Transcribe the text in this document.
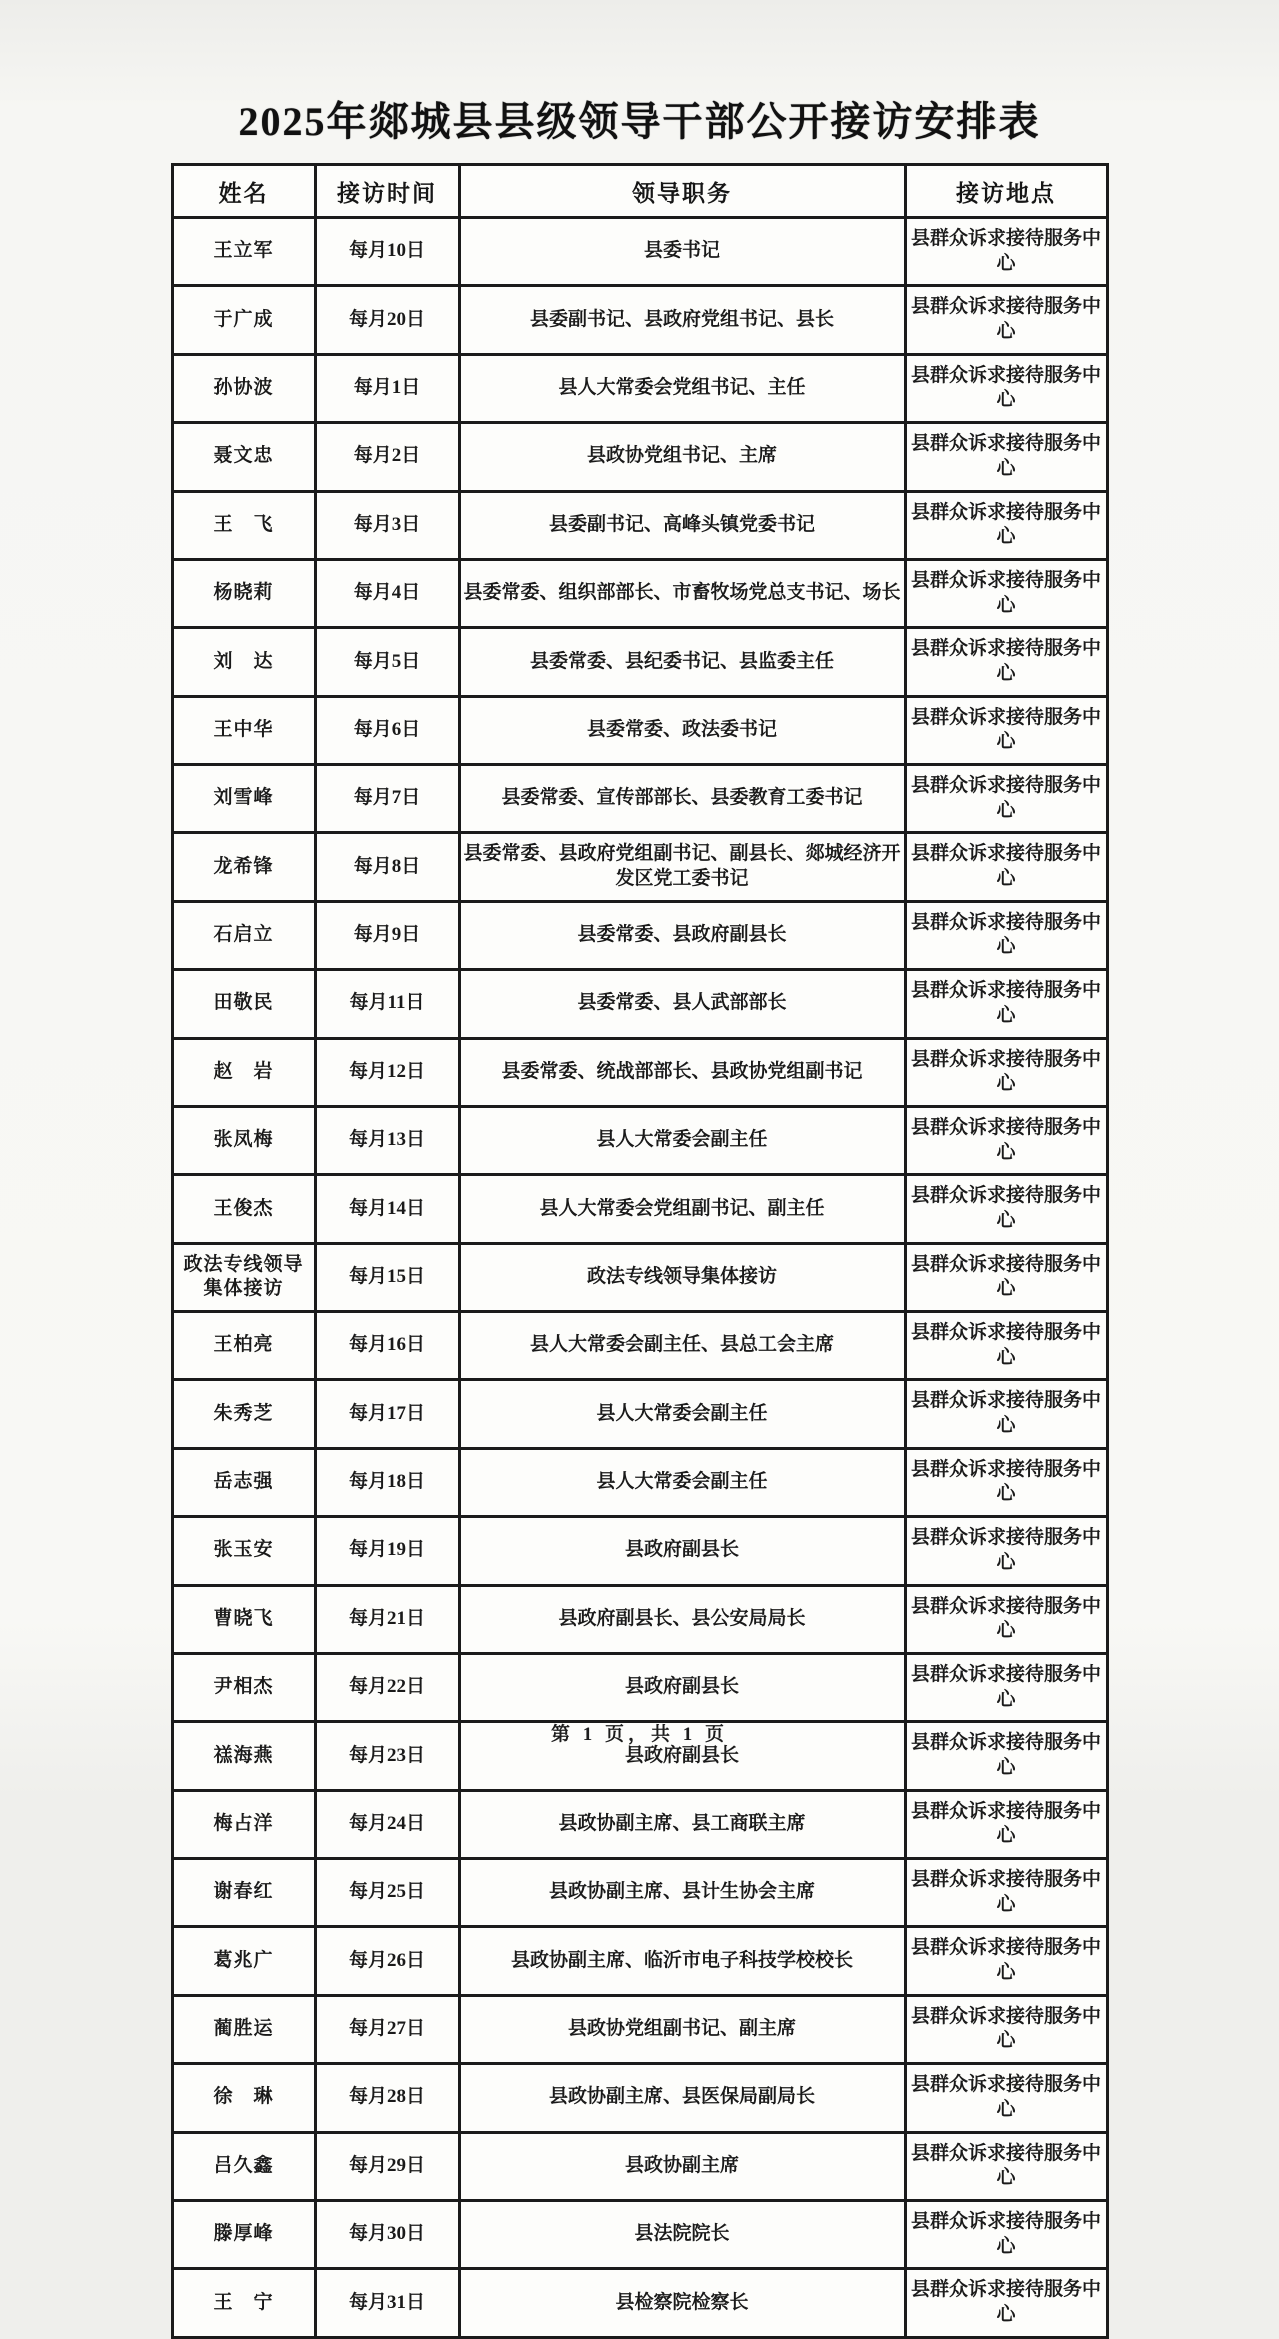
2025年郯城县县级领导干部公开接访安排表
姓名	接访时间	领导职务	接访地点
王立军	每月10日	县委书记	县群众诉求接待服务中心
于广成	每月20日	县委副书记、县政府党组书记、县长	县群众诉求接待服务中心
孙协波	每月1日	县人大常委会党组书记、主任	县群众诉求接待服务中心
聂文忠	每月2日	县政协党组书记、主席	县群众诉求接待服务中心
王　飞	每月3日	县委副书记、高峰头镇党委书记	县群众诉求接待服务中心
杨晓莉	每月4日	县委常委、组织部部长、市畜牧场党总支书记、场长	县群众诉求接待服务中心
刘　达	每月5日	县委常委、县纪委书记、县监委主任	县群众诉求接待服务中心
王中华	每月6日	县委常委、政法委书记	县群众诉求接待服务中心
刘雪峰	每月7日	县委常委、宣传部部长、县委教育工委书记	县群众诉求接待服务中心
龙希锋	每月8日	县委常委、县政府党组副书记、副县长、郯城经济开发区党工委书记	县群众诉求接待服务中心
石启立	每月9日	县委常委、县政府副县长	县群众诉求接待服务中心
田敬民	每月11日	县委常委、县人武部部长	县群众诉求接待服务中心
赵　岩	每月12日	县委常委、统战部部长、县政协党组副书记	县群众诉求接待服务中心
张凤梅	每月13日	县人大常委会副主任	县群众诉求接待服务中心
王俊杰	每月14日	县人大常委会党组副书记、副主任	县群众诉求接待服务中心
政法专线领导集体接访	每月15日	政法专线领导集体接访	县群众诉求接待服务中心
王柏亮	每月16日	县人大常委会副主任、县总工会主席	县群众诉求接待服务中心
朱秀芝	每月17日	县人大常委会副主任	县群众诉求接待服务中心
岳志强	每月18日	县人大常委会副主任	县群众诉求接待服务中心
张玉安	每月19日	县政府副县长	县群众诉求接待服务中心
曹晓飞	每月21日	县政府副县长、县公安局局长	县群众诉求接待服务中心
尹相杰	每月22日	县政府副县长	县群众诉求接待服务中心
禚海燕	每月23日	县政府副县长	县群众诉求接待服务中心
梅占洋	每月24日	县政协副主席、县工商联主席	县群众诉求接待服务中心
谢春红	每月25日	县政协副主席、县计生协会主席	县群众诉求接待服务中心
葛兆广	每月26日	县政协副主席、临沂市电子科技学校校长	县群众诉求接待服务中心
蔺胜运	每月27日	县政协党组副书记、副主席	县群众诉求接待服务中心
徐　琳	每月28日	县政协副主席、县医保局副局长	县群众诉求接待服务中心
吕久鑫	每月29日	县政协副主席	县群众诉求接待服务中心
滕厚峰	每月30日	县法院院长	县群众诉求接待服务中心
王　宁	每月31日	县检察院检察长	县群众诉求接待服务中心
第 1 页，共 1 页
